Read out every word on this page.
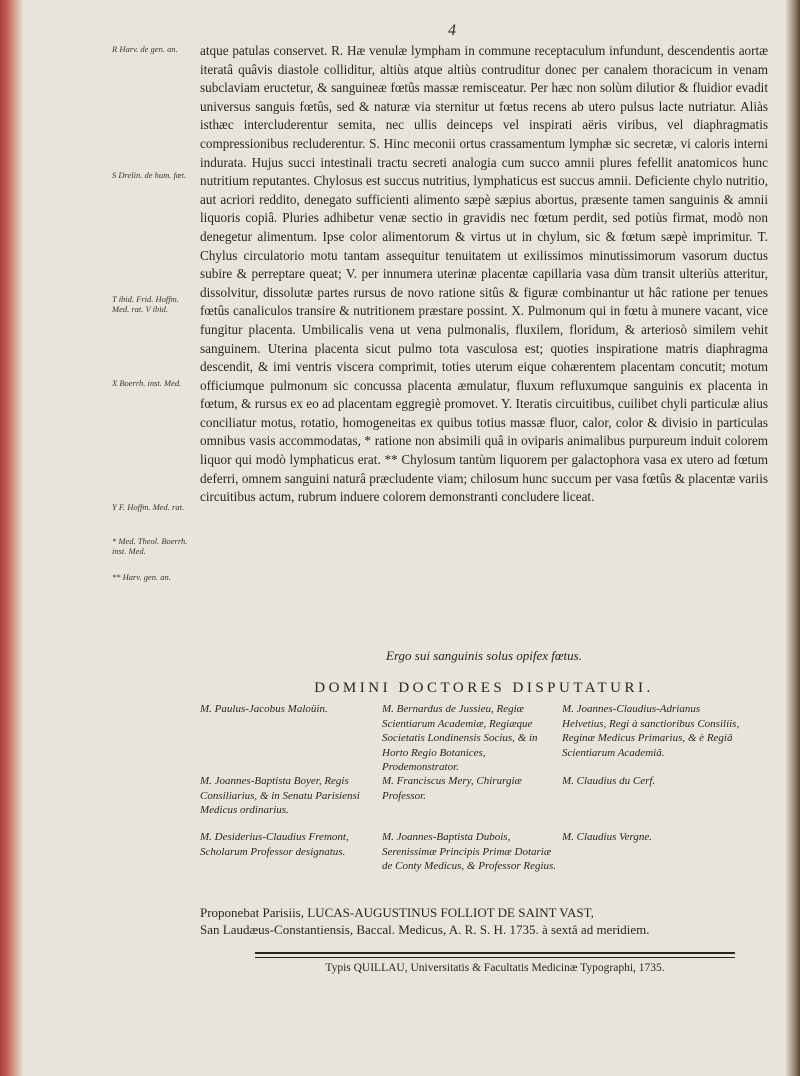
4
R Harv. de gen. an.
S Drelin. de hum. fœt.
T ibid. Frid. Hoffm. Med. rat. V ibid.
X Boerrh. inst. Med.
Y F. Hoffm. Med. rat.
* Med. Theol. Boerrh. inst. Med.
** Harv. gen. an.
atque patulas conservet. R. Hæ venulæ lympham in commune receptaculum infundunt, descendentis aortæ iteratâ quâvis diastole colliditur, altiùs atque altiùs contruditur donec per canalem thoracicum in venam subclaviam eructetur, & sanguineæ fœtûs massæ remisceatur. Per hæc non solùm dilutior & fluidior evadit universus sanguis fœtûs, sed & naturæ via sternitur ut fœtus recens ab utero pulsus lacte nutriatur. Aliàs isthæc intercluderentur semita, nec ullis deinceps vel inspirati aëris viribus, vel diaphragmatis compressionibus recluderentur. S. Hinc meconii ortus crassamentum lymphæ sic secretæ, vi caloris interni indurata. Hujus succi intestinali tractu secreti analogia cum succo amnii plures fefellit anatomicos hunc nutritium reputantes. Chylosus est succus nutritius, lymphaticus est succus amnii. Deficiente chylo nutritio, aut acriori reddito, denegato sufficienti alimento sæpè sæpius abortus, præsente tamen sanguinis & amnii liquoris copiâ. Pluries adhibetur venæ sectio in gravidis nec fœtum perdit, sed potiùs firmat, modò non denegetur alimentum. Ipse color alimentorum & virtus ut in chylum, sic & fœtum sæpè imprimitur. T. Chylus circulatorio motu tantam assequitur tenuitatem ut exilissimos minutissimorum vasorum ductus subire & perreptare queat; V. per innumera uterinæ placentæ capillaria vasa dùm transit ulteriùs atteritur, dissolvitur, dissolutæ partes rursus de novo ratione sitûs & figuræ combinantur ut hâc ratione per tenues fœtûs canaliculos transire & nutritionem præstare possint. X. Pulmonum qui in fœtu à munere vacant, vice fungitur placenta. Umbilicalis vena ut vena pulmonalis, fluxilem, floridum, & arteriosò similem vehit sanguinem. Uterina placenta sicut pulmo tota vasculosa est; quoties inspiratione matris diaphragma descendit, & imi ventris viscera comprimit, toties uterum eique cohærentem placentam concutit; motum officiumque pulmonum sic concussa placenta æmulatur, fluxum refluxumque sanguinis ex placenta in fœtum, & rursus ex eo ad placentam eggregiè promovet. Y. Iteratis circuitibus, cuilibet chyli particulæ alius conciliatur motus, rotatio, homogeneitas ex quibus totius massæ fluor, calor, color & divisio in particulas omnibus vasis accommodatas, * ratione non absimili quâ in oviparis animalibus purpureum induit colorem liquor qui modò lymphaticus erat. ** Chylosum tantùm liquorem per galactophora vasa ex utero ad fœtum deferri, omnem sanguini naturâ præcludente viam; chilosum hunc succum per vasa fœtûs & placentæ variis circuitibus actum, rubrum induere colorem demonstranti concludere liceat.
Ergo sui sanguinis solus opifex fœtus.
DOMINI DOCTORES DISPUTATURI.
M. Paulus-Jacobus Maloüin.	M. Bernardus de Jussieu, Regiæ Scientiarum Academiæ, Regiæque Societatis Londinensis Socius, & in Horto Regio Botanices, Prodemonstrator.
M. Joannes-Claudius-Adrianus Helvetius, Regi à sanctioribus Consiliis, Reginæ Medicus Primarius, & è Regiâ Scientiarum Academiâ.
M. Joannes-Baptista Boyer, Regis Consiliarius, & in Senatu Parisiensi Medicus ordinarius.
M. Franciscus Mery, Chirurgiæ Professor.
M. Claudius du Cerf.
M. Desiderius-Claudius Fremont, Scholarum Professor designatus.
M. Joannes-Baptista Dubois, Serenissimæ Principis Primæ Dotariæ de Conty Medicus, & Professor Regius.
M. Claudius Vergne.
Proponebat Parisiis, LUCAS-AUGUSTINUS FOLLIOT DE SAINT VAST,
San Laudæus-Constantiensis, Baccal. Medicus, A. R. S. H. 1735. à sextâ ad meridiem.
Typis QUILLAU, Universitatis & Facultatis Medicinæ Typographi, 1735.
